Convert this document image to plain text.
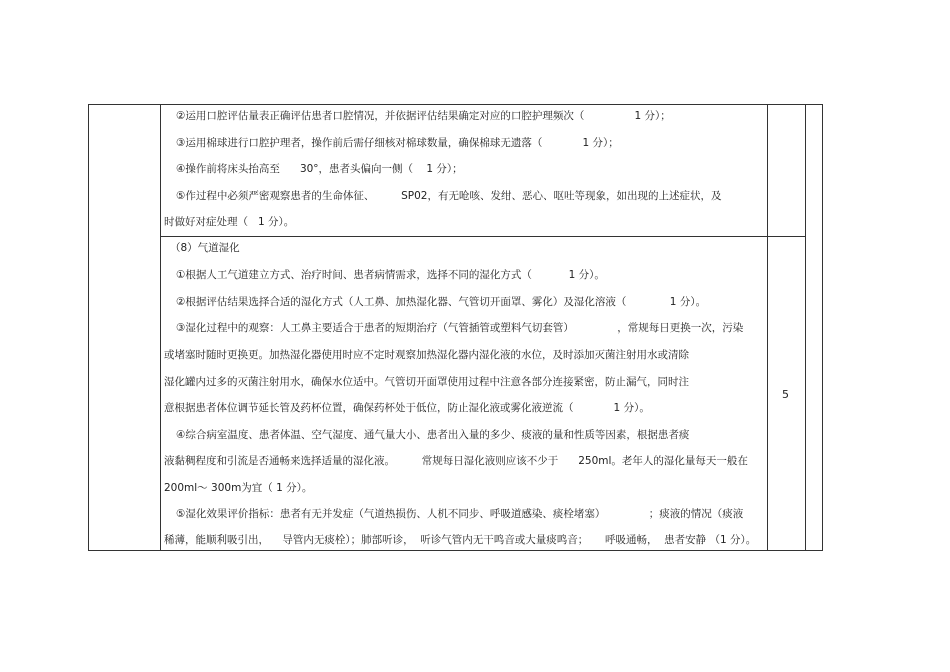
②运用口腔评估量表正确评估患者口腔情况，并依据评估结果确定对应的口腔护理频次（               1 分）；
③运用棉球进行口腔护理者，操作前后需仔细核对棉球数量，确保棉球无遗落（            1 分）；
④操作前将床头抬高至      30°，患者头偏向一侧（    1 分）；
⑤作过程中必须严密观察患者的生命体征、        SP02，有无呛咳、发绀、恶心、呕吐等现象，如出现的上述症状，及
时做好对症处理（   1 分）。
（8）气道湿化
①根据人工气道建立方式、治疗时间、患者病情需求，选择不同的湿化方式（           1 分）。
②根据评估结果选择合适的湿化方式（人工鼻、加热湿化器、气管切开面罩、雾化）及湿化溶液（             1 分）。
③湿化过程中的观察：人工鼻主要适合于患者的短期治疗（气管插管或塑料气切套管）             ，常规每日更换一次，污染
或堵塞时随时更换更。加热湿化器使用时应不定时观察加热湿化器内湿化液的水位，及时添加灭菌注射用水或清除
湿化罐内过多的灭菌注射用水，确保水位适中。气管切开面罩使用过程中注意各部分连接紧密，防止漏气，同时注
意根据患者体位调节延长管及药杯位置，确保药杯处于低位，防止湿化液或雾化液逆流（            1 分）。
④综合病室温度、患者体温、空气湿度、通气量大小、患者出入量的多少、痰液的量和性质等因素，根据患者痰
液黏稠程度和引流是否通畅来选择适量的湿化液。        常规每日湿化液则应该不少于      250ml。老年人的湿化量每天一般在
200ml～ 300m为宜（ 1 分）。
⑤湿化效果评价指标：患者有无并发症（气道热损伤、人机不同步、呼吸道感染、痰栓堵塞）             ；痰液的情况（痰液
稀薄，能顺利吸引出，    导管内无痰栓）；肺部听诊，  听诊气管内无干鸣音或大量痰鸣音；     呼吸通畅，  患者安静 （1 分）。
5
